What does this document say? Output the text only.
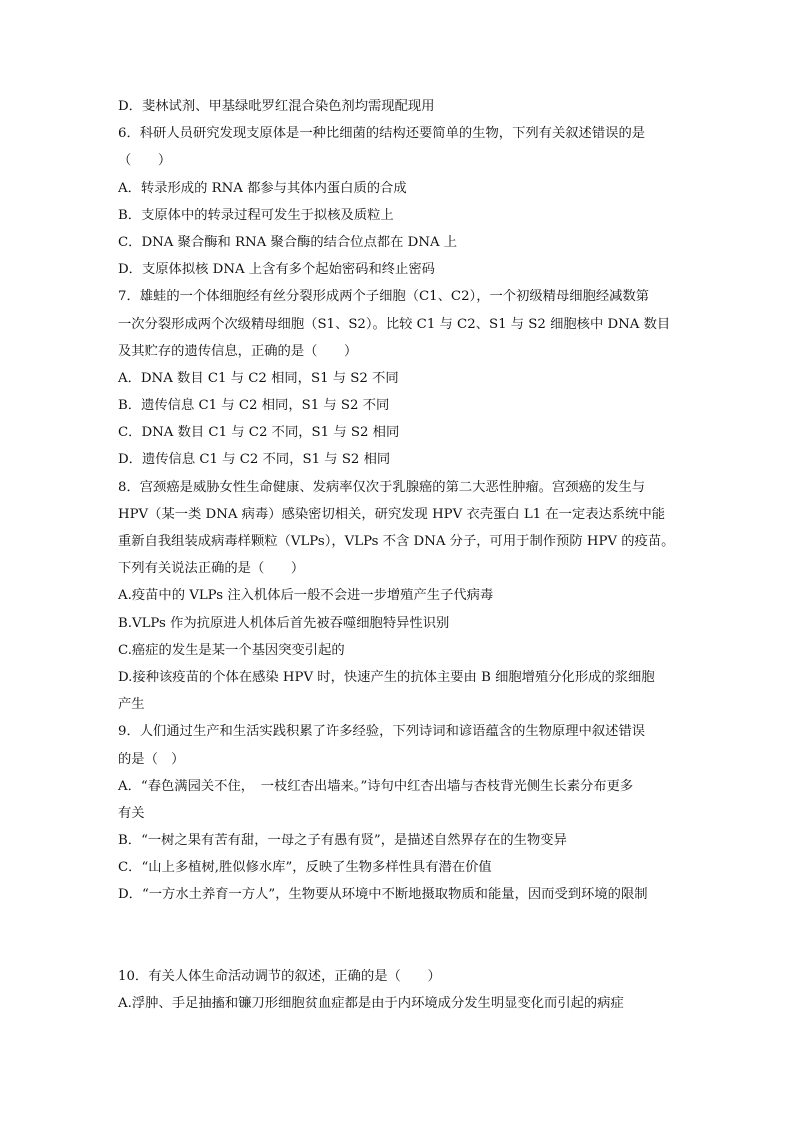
D．斐林试剂、甲基绿吡罗红混合染色剂均需现配现用
6．科研人员研究发现支原体是一种比细菌的结构还要简单的生物，下列有关叙述错误的是
（　　）
A．转录形成的 RNA 都参与其体内蛋白质的合成
B．支原体中的转录过程可发生于拟核及质粒上
C．DNA 聚合酶和 RNA 聚合酶的结合位点都在 DNA 上
D．支原体拟核 DNA 上含有多个起始密码和终止密码
7．雄蛙的一个体细胞经有丝分裂形成两个子细胞（C1、C2），一个初级精母细胞经减数第
一次分裂形成两个次级精母细胞（S1、S2）。比较 C1 与 C2、S1 与 S2 细胞核中 DNA 数目
及其贮存的遗传信息，正确的是（　　）
A．DNA 数目 C1 与 C2 相同，S1 与 S2 不同
B．遗传信息 C1 与 C2 相同，S1 与 S2 不同
C．DNA 数目 C1 与 C2 不同，S1 与 S2 相同
D．遗传信息 C1 与 C2 不同，S1 与 S2 相同
8．宫颈癌是威胁女性生命健康、发病率仅次于乳腺癌的第二大恶性肿瘤。宫颈癌的发生与
HPV（某一类 DNA 病毒）感染密切相关，研究发现 HPV 衣壳蛋白 L1 在一定表达系统中能
重新自我组装成病毒样颗粒（VLPs），VLPs 不含 DNA 分子，可用于制作预防 HPV 的疫苗。
下列有关说法正确的是（　　）
A.疫苗中的 VLPs 注入机体后一般不会进一步增殖产生子代病毒
B.VLPs 作为抗原进人机体后首先被吞噬细胞特异性识别
C.癌症的发生是某一个基因突变引起的
D.接种该疫苗的个体在感染 HPV 时，快速产生的抗体主要由 B 细胞增殖分化形成的浆细胞
产生
9．人们通过生产和生活实践积累了许多经验，下列诗词和谚语蕴含的生物原理中叙述错误
的是（　）
A．“春色满园关不住，　一枝红杏出墙来。”诗句中红杏出墙与杏枝背光侧生长素分布更多
有关
B．“一树之果有苦有甜，一母之子有愚有贤”，是描述自然界存在的生物变异
C．“山上多植树,胜似修水库”，反映了生物多样性具有潜在价值
D．“一方水土养育一方人”，生物要从环境中不断地摄取物质和能量，因而受到环境的限制
10．有关人体生命活动调节的叙述，正确的是（　　）
A.浮肿、手足抽搐和镰刀形细胞贫血症都是由于内环境成分发生明显变化而引起的病症
